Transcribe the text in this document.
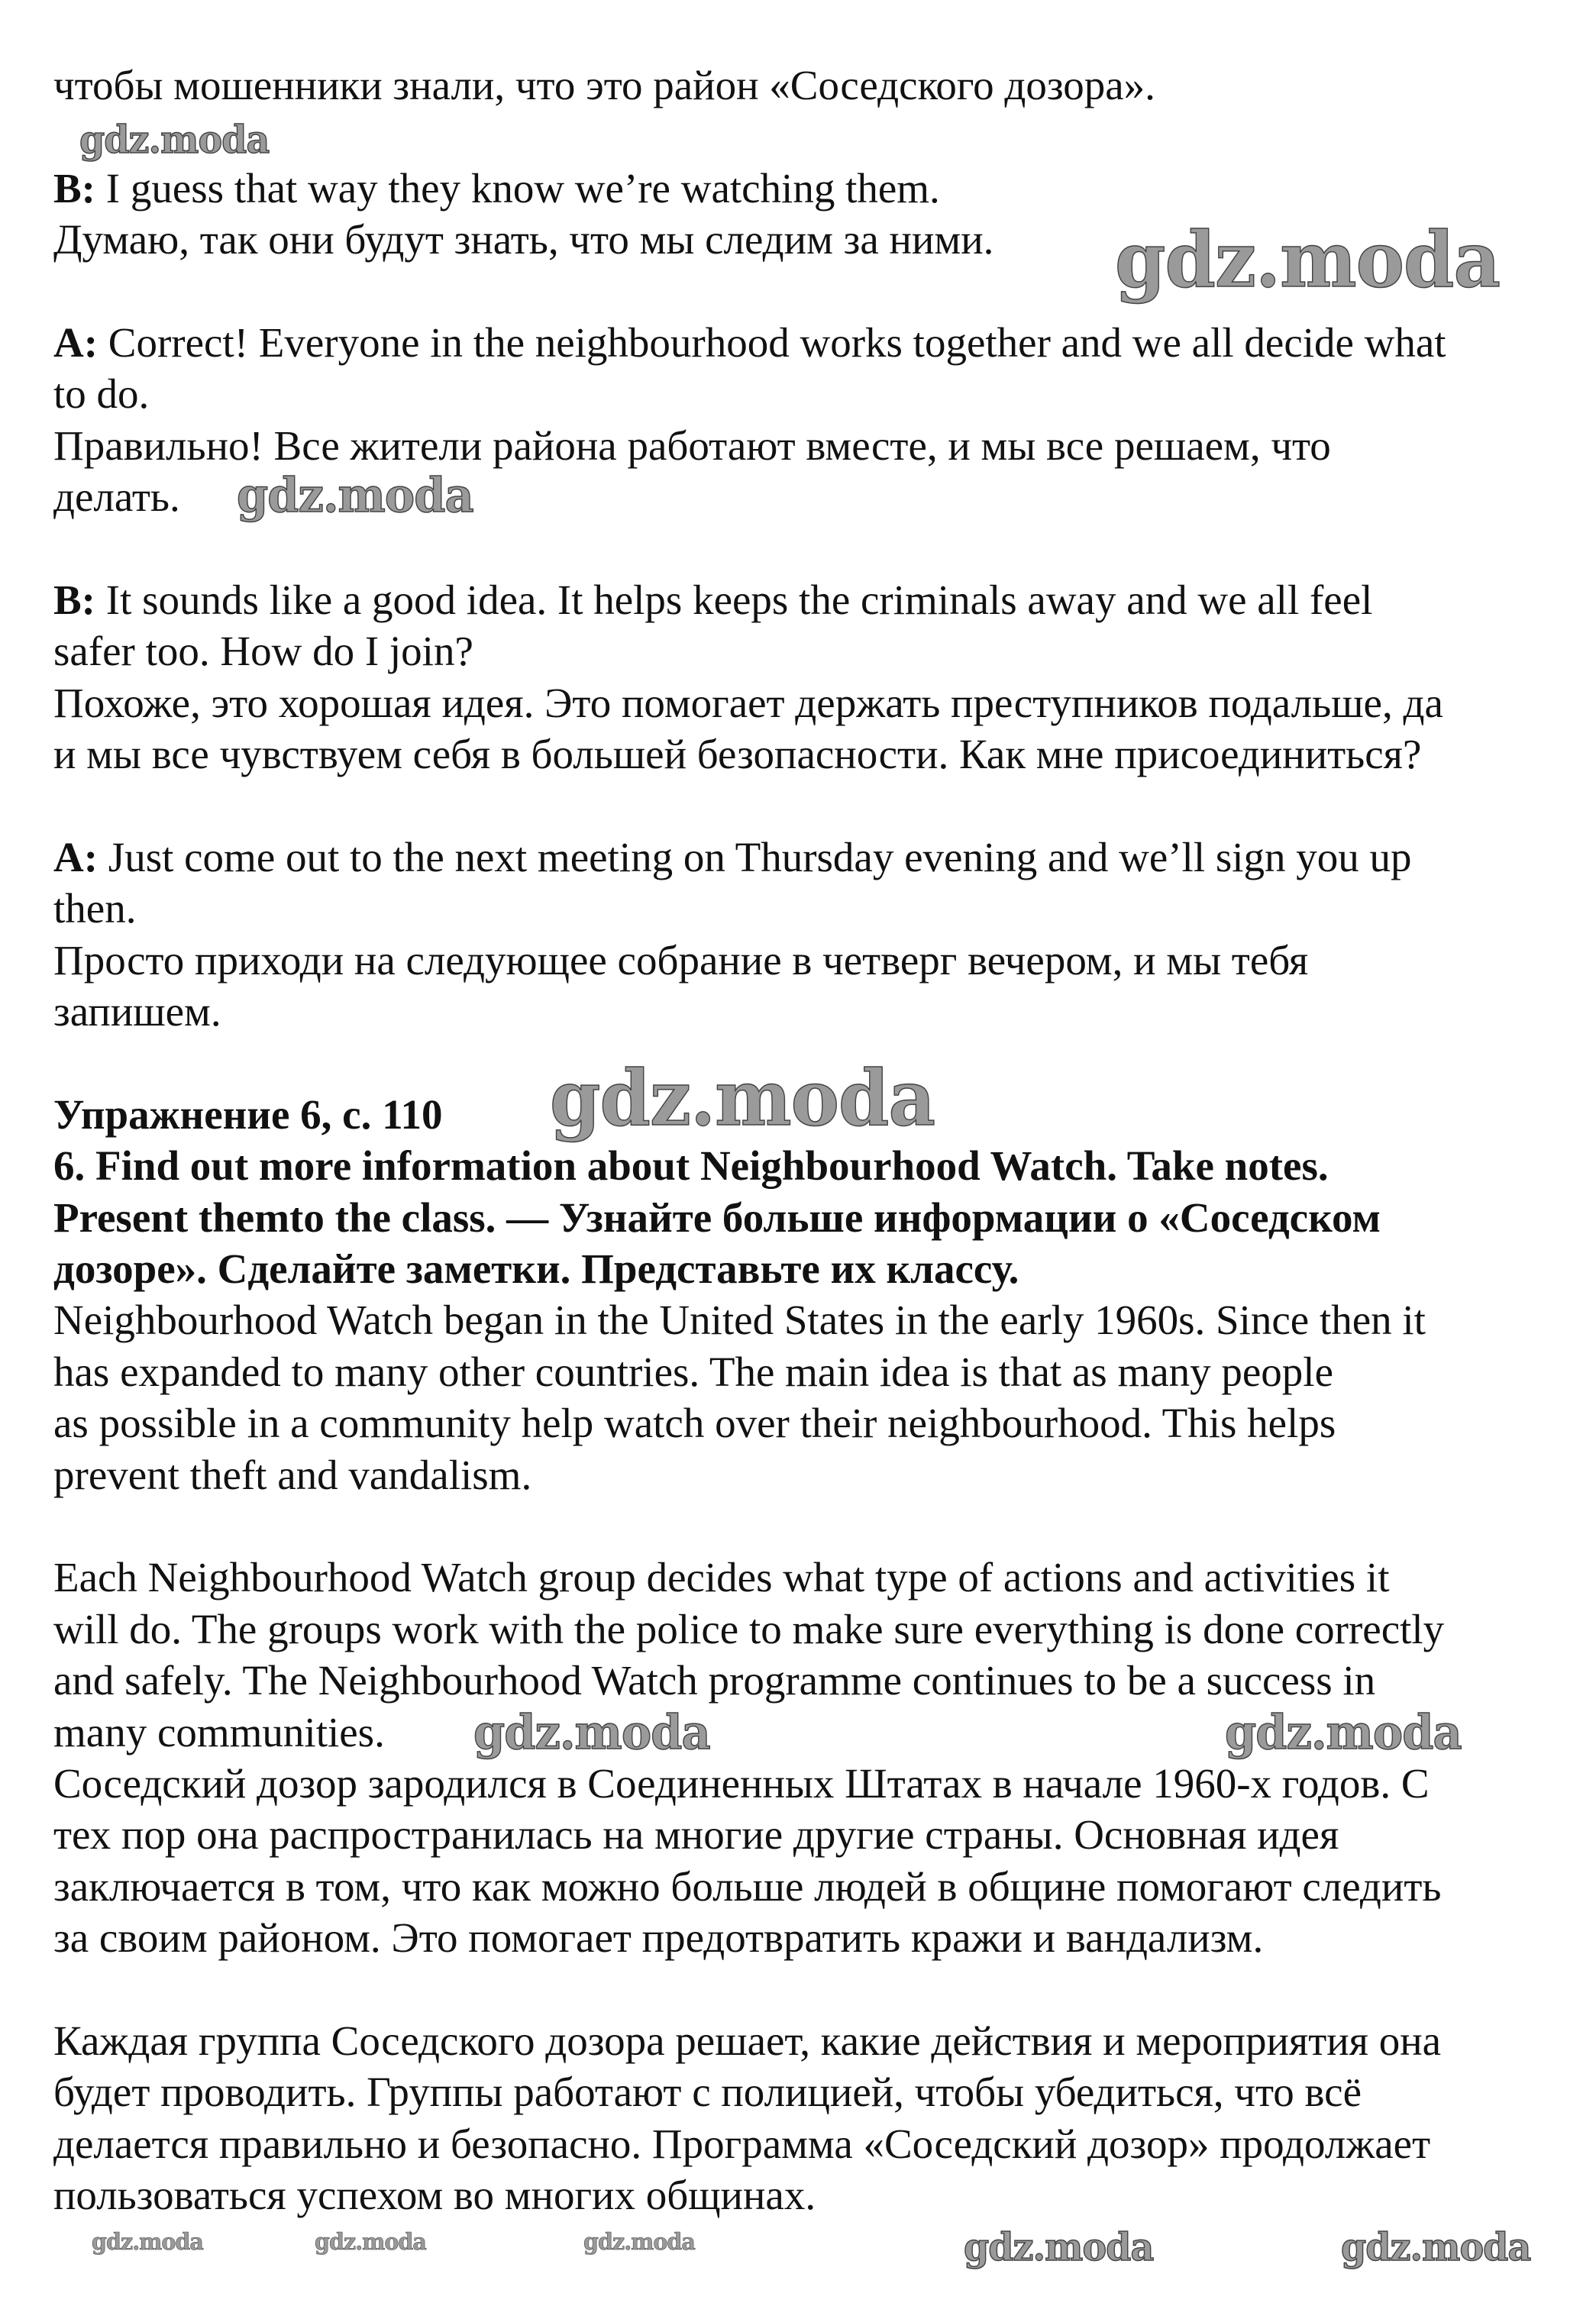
чтобы мошенники знали, что это район «Соседского дозора».
B: I guess that way they know we’re watching them.
Думаю, так они будут знать, что мы следим за ними.
A: Correct! Everyone in the neighbourhood works together and we all decide what
to do.
Правильно! Все жители района работают вместе, и мы все решаем, что
делать.
B: It sounds like a good idea. It helps keeps the criminals away and we all feel
safer too. How do I join?
Похоже, это хорошая идея. Это помогает держать преступников подальше, да
и мы все чувствуем себя в большей безопасности. Как мне присоединиться?
A: Just come out to the next meeting on Thursday evening and we’ll sign you up
then.
Просто приходи на следующее собрание в четверг вечером, и мы тебя
запишем.
Упражнение 6, с. 110
6. Find out more information about Neighbourhood Watch. Take notes.
Present themto the class. — Узнайте больше информации о «Соседском
дозоре». Сделайте заметки. Представьте их классу.
Neighbourhood Watch began in the United States in the early 1960s. Since then it
has expanded to many other countries. The main idea is that as many people
as possible in a community help watch over their neighbourhood. This helps
prevent theft and vandalism.
Each Neighbourhood Watch group decides what type of actions and activities it
will do. The groups work with the police to make sure everything is done correctly
and safely. The Neighbourhood Watch programme continues to be a success in
many communities.
Соседский дозор зародился в Соединенных Штатах в начале 1960-х годов. С
тех пор она распространилась на многие другие страны. Основная идея
заключается в том, что как можно больше людей в общине помогают следить
за своим районом. Это помогает предотвратить кражи и вандализм.
Каждая группа Соседского дозора решает, какие действия и мероприятия она
будет проводить. Группы работают с полицией, чтобы убедиться, что всё
делается правильно и безопасно. Программа «Соседский дозор» продолжает
пользоваться успехом во многих общинах.
gdz.moda
gdz.moda
gdz.moda
gdz.moda
gdz.moda	gdz.moda
gdz.moda	gdz.moda
gdz.moda	gdz.moda	gdz.moda
